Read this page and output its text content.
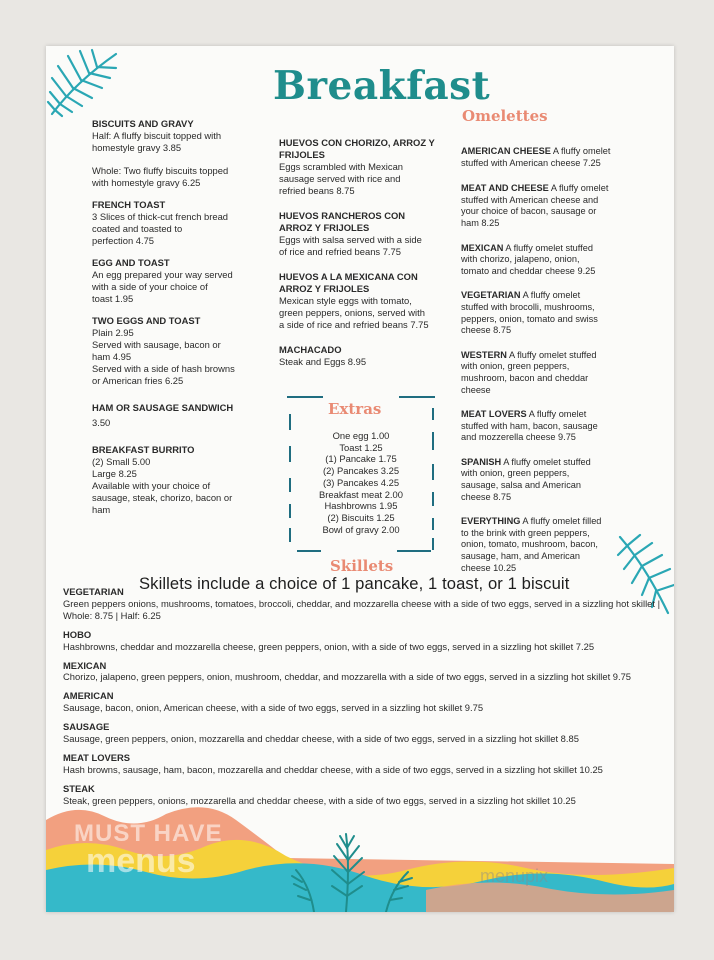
Breakfast
BISCUITS AND GRAVY

Half: A fluffy biscuit topped with

homestyle gravy 3.85

Whole: Two fluffy biscuits topped

with homestyle gravy 6.25

FRENCH TOAST

3 Slices of thick-cut french bread

coated and toasted to

perfection 4.75

EGG AND TOAST

An egg prepared your way served

with a side of your choice of

toast 1.95

TWO EGGS AND TOAST

Plain 2.95

Served with sausage, bacon or

ham 4.95

Served with a side of hash browns

or American fries 6.25

HAM OR SAUSAGE SANDWICH

3.50

BREAKFAST BURRITO

(2) Small 5.00

Large 8.25

Available with your choice of

sausage, steak, chorizo, bacon or

ham

HUEVOS CON CHORIZO, ARROZ Y
FRIJOLES

Eggs scrambled with Mexican

sausage served with rice and

refried beans 8.75

HUEVOS RANCHEROS CON
ARROZ Y FRIJOLES

Eggs with salsa served with a side

of rice and refried beans 7.75

HUEVOS A LA MEXICANA CON
ARROZ Y FRIJOLES

Mexican style eggs with tomato,

green peppers, onions, served with

a side of rice and refried beans 7.75

MACHACADO

Steak and Eggs 8.95

Extras
One egg 1.00
Toast 1.25
(1) Pancake 1.75
(2) Pancakes 3.25
(3) Pancakes 4.25
Breakfast meat 2.00
Hashbrowns 1.95
(2) Biscuits 1.25
Bowl of gravy 2.00
Omelettes

AMERICAN CHEESE A fluffy omelet

stuffed with American cheese 7.25

MEAT AND CHEESE A fluffy omelet

stuffed with American cheese and

your choice of bacon, sausage or

ham 8.25

MEXICAN A fluffy omelet stuffed

with chorizo, jalapeno, onion,

tomato and cheddar cheese 9.25

VEGETARIAN A fluffy omelet

stuffed with brocolli, mushrooms,

peppers, onion, tomato and swiss

cheese 8.75

WESTERN A fluffy omelet stuffed

with onion, green peppers,

mushroom, bacon and cheddar

cheese

MEAT LOVERS A fluffy omelet

stuffed with ham, bacon, sausage

and mozzerella cheese 9.75

SPANISH A fluffy omelet stuffed

with onion, green peppers,

sausage, salsa and American

cheese 8.75

EVERYTHING A fluffy omelet filled

to the brink with green peppers,

onion, tomato, mushroom, bacon,

sausage, ham, and American

cheese 10.25

Skillets
Skillets include a choice of 1 pancake, 1 toast, or 1 biscuit
VEGETARIAN
Green peppers onions, mushrooms, tomatoes, broccoli, cheddar, and mozzarella cheese with a side of two eggs, served in a sizzling hot skillet | Whole: 8.75 | Half: 6.25
HOBO
Hashbrowns, cheddar and mozzarella cheese, green peppers, onion, with a side of two eggs, served in a sizzling hot skillet 7.25
MEXICAN
Chorizo, jalapeno, green peppers, onion, mushroom, cheddar, and mozzarella with a side of two eggs, served in a sizzling hot skillet 9.75
AMERICAN
Sausage, bacon, onion, American cheese, with a side of two eggs, served in a sizzling hot skillet 9.75
SAUSAGE
Sausage, green peppers, onion, mozzarella and cheddar cheese, with a side of two eggs, served in a sizzling hot skillet 8.85
MEAT LOVERS
Hash browns, sausage, ham, bacon, mozzarella and cheddar cheese, with a side of two eggs, served in a sizzling hot skillet 10.25
STEAK
Steak, green peppers, onions, mozzarella and cheddar cheese, with a side of two eggs, served in a sizzling hot skillet 10.25
MUST HAVE
menus	menupix
